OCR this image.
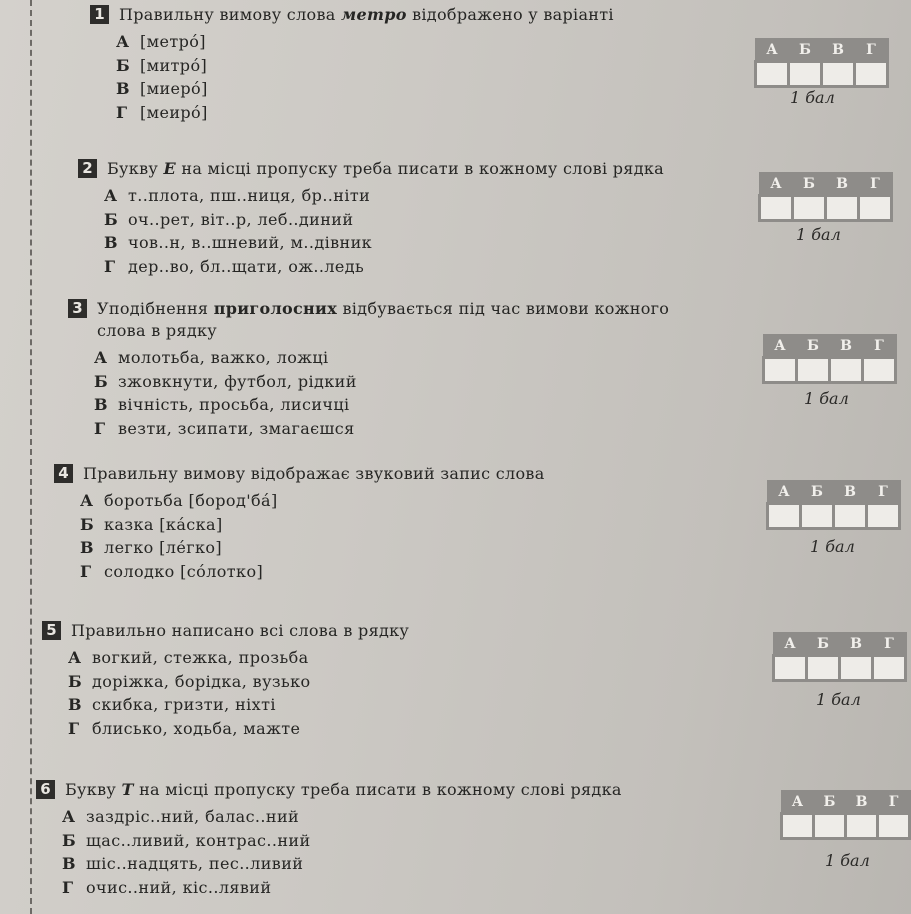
1 Правильну вимову слова метро відображено у варіанті
А [метро́]
Б [митро́]
В [миеро́]
Г [меиро́]
А	Б	В	Г

1 бал
2 Букву Е на місці пропуску треба писати в кожному слові рядка
А т..плота, пш..ниця, бр..ніти
Б оч..рет, віт..р, леб..диний
В чов..н, в..шневий, м..дівник
Г дер..во, бл..щати, ож..ледь
А	Б	В	Г

1 бал
3 Уподібнення приголосних відбувається під час вимови кожного
слова в рядку
А молотьба, важко, ложці
Б зжовкнути, футбол, рідкий
В вічність, просьба, лисичці
Г везти, зсипати, змагаєшся
А	Б	В	Г

1 бал
4 Правильну вимову відображає звуковий запис слова
А боротьба [бород'ба́]
Б казка [ка́ска]
В легко [ле́гко]
Г солодко [со́лотко]
А	Б	В	Г

1 бал
5 Правильно написано всі слова в рядку
А вогкий, стежка, прозьба
Б доріжка, борідка, вузько
В скибка, гризти, ніхті
Г блисько, ходьба, мажте
А	Б	В	Г

1 бал
6 Букву Т на місці пропуску треба писати в кожному слові рядка
А заздріс..ний, балас..ний
Б щас..ливий, контрас..ний
В шіс..надцять, пес..ливий
Г очис..ний, кіс..лявий
А	Б	В	Г

1 бал
